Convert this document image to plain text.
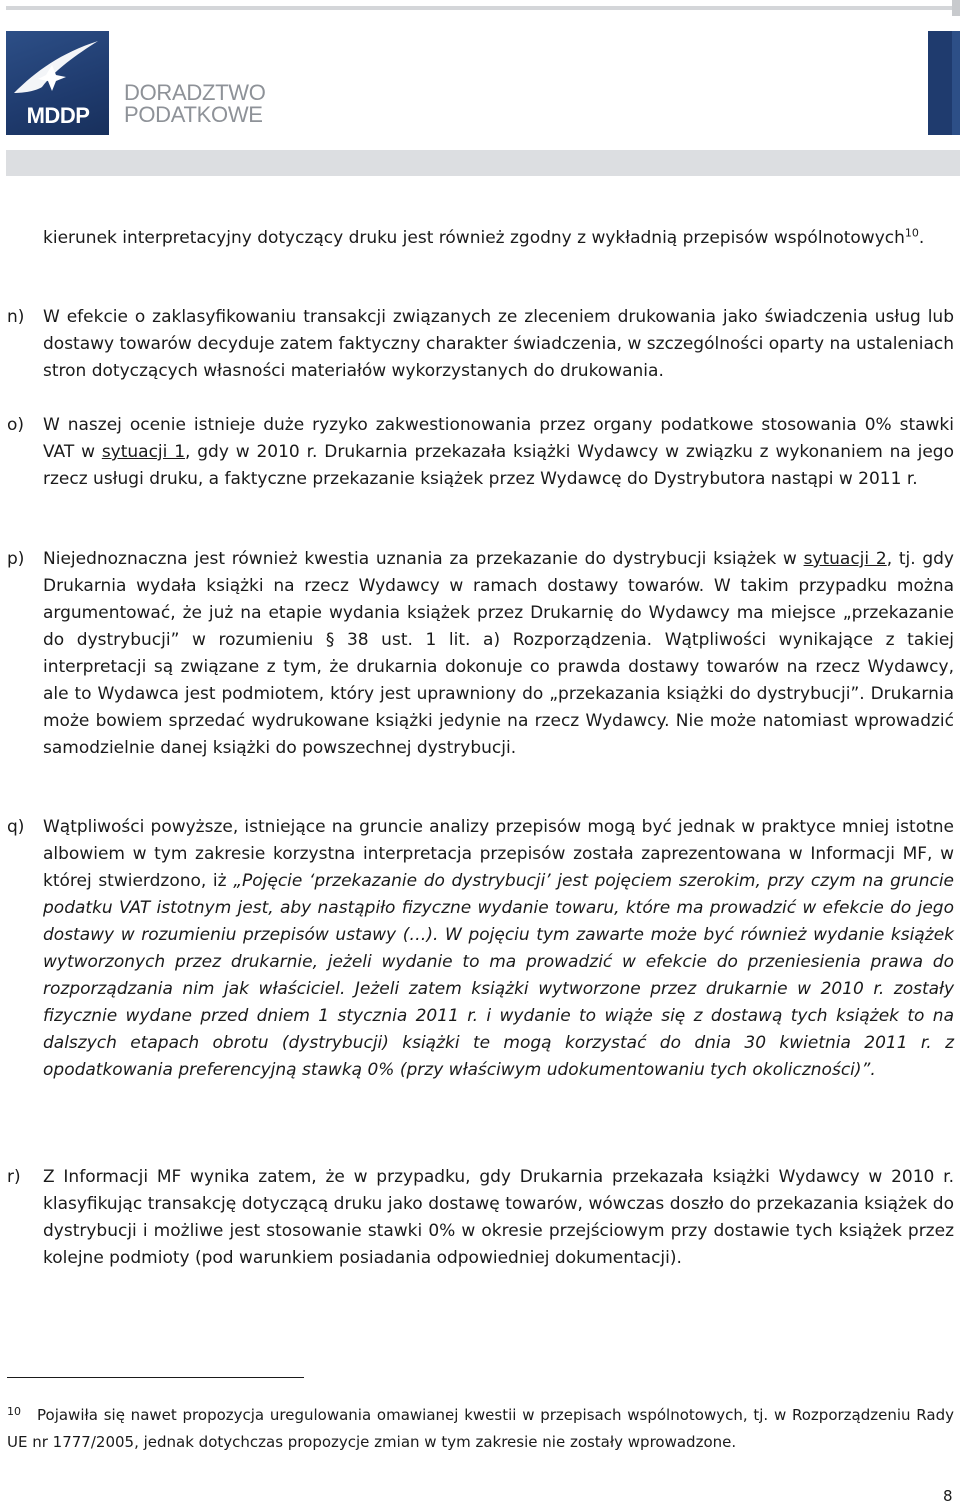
MDDP
DORADZTWO
PODATKOWE
kierunek interpretacyjny dotyczący druku jest również zgodny z wykładnią przepisów wspólnotowych$^{10}$.
n) W efekcie o zaklasyfikowaniu transakcji związanych ze zleceniem drukowania jako świadczenia usług lub dostawy towarów decyduje zatem faktyczny charakter świadczenia, w szczególności oparty na ustaleniach stron dotyczących własności materiałów wykorzystanych do drukowania.
o) W naszej ocenie istnieje duże ryzyko zakwestionowania przez organy podatkowe stosowania 0% stawki VAT w sytuacji 1, gdy w 2010 r. Drukarnia przekazała książki Wydawcy w związku z wykonaniem na jego rzecz usługi druku, a faktyczne przekazanie książek przez Wydawcę do Dystrybutora nastąpi w 2011 r.
p) Niejednoznaczna jest również kwestia uznania za przekazanie do dystrybucji książek w sytuacji 2, tj. gdy Drukarnia wydała książki na rzecz Wydawcy w ramach dostawy towarów. W takim przypadku można argumentować, że już na etapie wydania książek przez Drukarnię do Wydawcy ma miejsce „przekazanie do dystrybucji” w rozumieniu § 38 ust. 1 lit. a) Rozporządzenia. Wątpliwości wynikające z takiej interpretacji są związane z tym, że drukarnia dokonuje co prawda dostawy towarów na rzecz Wydawcy, ale to Wydawca jest podmiotem, który jest uprawniony do „przekazania książki do dystrybucji”. Drukarnia może bowiem sprzedać wydrukowane książki jedynie na rzecz Wydawcy. Nie może natomiast wprowadzić samodzielnie danej książki do powszechnej dystrybucji.
q) Wątpliwości powyższe, istniejące na gruncie analizy przepisów mogą być jednak w praktyce mniej istotne albowiem w tym zakresie korzystna interpretacja przepisów została zaprezentowana w Informacji MF, w której stwierdzono, iż „Pojęcie ‘przekazanie do dystrybucji’ jest pojęciem szerokim, przy czym na gruncie podatku VAT istotnym jest, aby nastąpiło fizyczne wydanie towaru, które ma prowadzić w efekcie do jego dostawy w rozumieniu przepisów ustawy (…). W pojęciu tym zawarte może być również wydanie książek wytworzonych przez drukarnie, jeżeli wydanie to ma prowadzić w efekcie do przeniesienia prawa do rozporządzania nim jak właściciel. Jeżeli zatem książki wytworzone przez drukarnie w 2010 r. zostały fizycznie wydane przed dniem 1 stycznia 2011 r. i wydanie to wiąże się z dostawą tych książek to na dalszych etapach obrotu (dystrybucji) książki te mogą korzystać do dnia 30 kwietnia 2011 r. z opodatkowania preferencyjną stawką 0% (przy właściwym udokumentowaniu tych okoliczności)”.
r) Z Informacji MF wynika zatem, że w przypadku, gdy Drukarnia przekazała książki Wydawcy w 2010 r. klasyfikując transakcję dotyczącą druku jako dostawę towarów, wówczas doszło do przekazania książek do dystrybucji i możliwe jest stosowanie stawki 0% w okresie przejściowym przy dostawie tych książek przez kolejne podmioty (pod warunkiem posiadania odpowiedniej dokumentacji).
10	Pojawiła się nawet propozycja uregulowania omawianej kwestii w przepisach wspólnotowych, tj. w Rozporządzeniu Rady UE nr 1777/2005, jednak dotychczas propozycje zmian w tym zakresie nie zostały wprowadzone.
8
